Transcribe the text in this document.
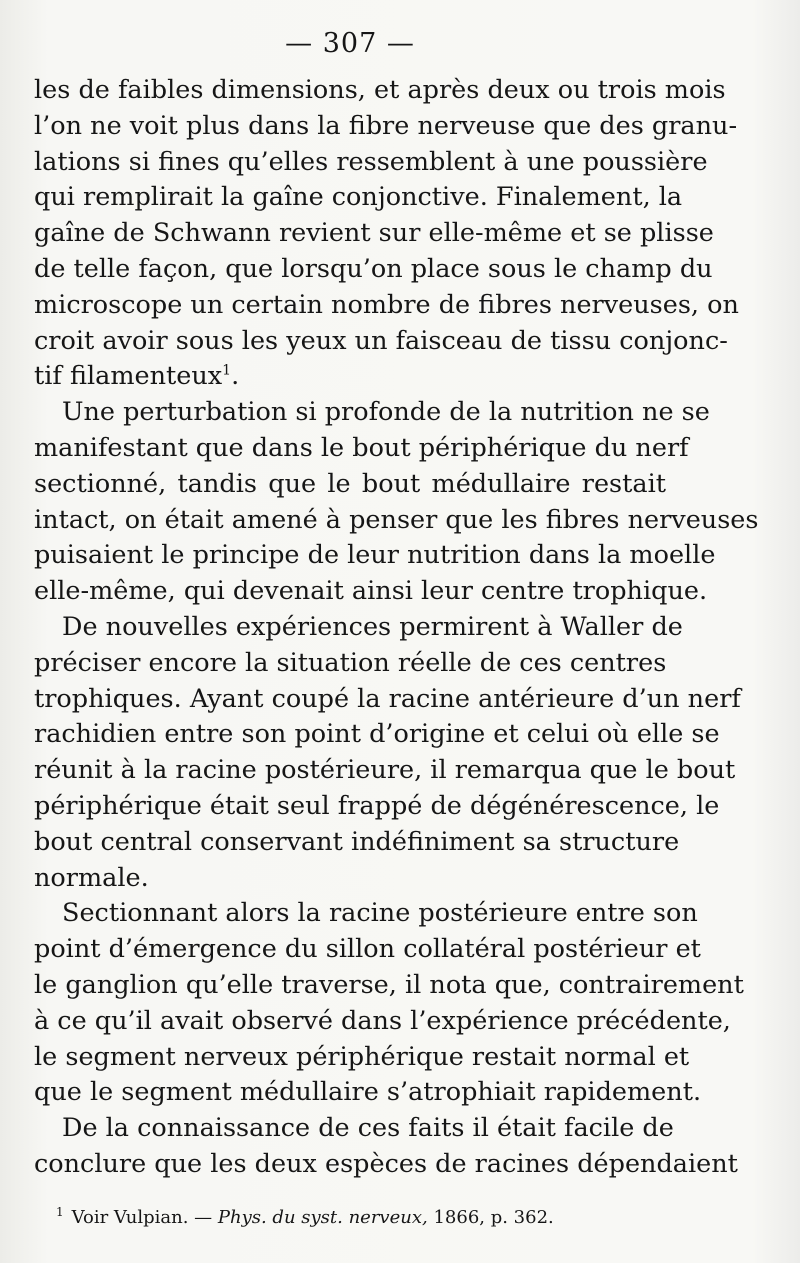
— 307 —
les de faibles dimensions, et après deux ou trois mois
l’on ne voit plus dans la fibre nerveuse que des granu-
lations si fines qu’elles ressemblent à une poussière
qui remplirait la gaîne conjonctive. Finalement, la
gaîne de Schwann revient sur elle-même et se plisse
de telle façon, que lorsqu’on place sous le champ du
microscope un certain nombre de fibres nerveuses, on
croit avoir sous les yeux un faisceau de tissu conjonc-
tif filamenteux$^1$.
Une perturbation si profonde de la nutrition ne se
manifestant que dans le bout périphérique du nerf
sectionné, tandis que le bout médullaire restait
intact, on était amené à penser que les fibres nerveuses
puisaient le principe de leur nutrition dans la moelle
elle-même, qui devenait ainsi leur centre trophique.
De nouvelles expériences permirent à Waller de
préciser encore la situation réelle de ces centres
trophiques. Ayant coupé la racine antérieure d’un nerf
rachidien entre son point d’origine et celui où elle se
réunit à la racine postérieure, il remarqua que le bout
périphérique était seul frappé de dégénérescence, le
bout central conservant indéfiniment sa structure
normale.
Sectionnant alors la racine postérieure entre son
point d’émergence du sillon collatéral postérieur et
le ganglion qu’elle traverse, il nota que, contrairement
à ce qu’il avait observé dans l’expérience précédente,
le segment nerveux périphérique restait normal et
que le segment médullaire s’atrophiait rapidement.
De la connaissance de ces faits il était facile de
conclure que les deux espèces de racines dépendaient
$^1$ Voir Vulpian. — Phys. du syst. nerveux, 1866, p. 362.
